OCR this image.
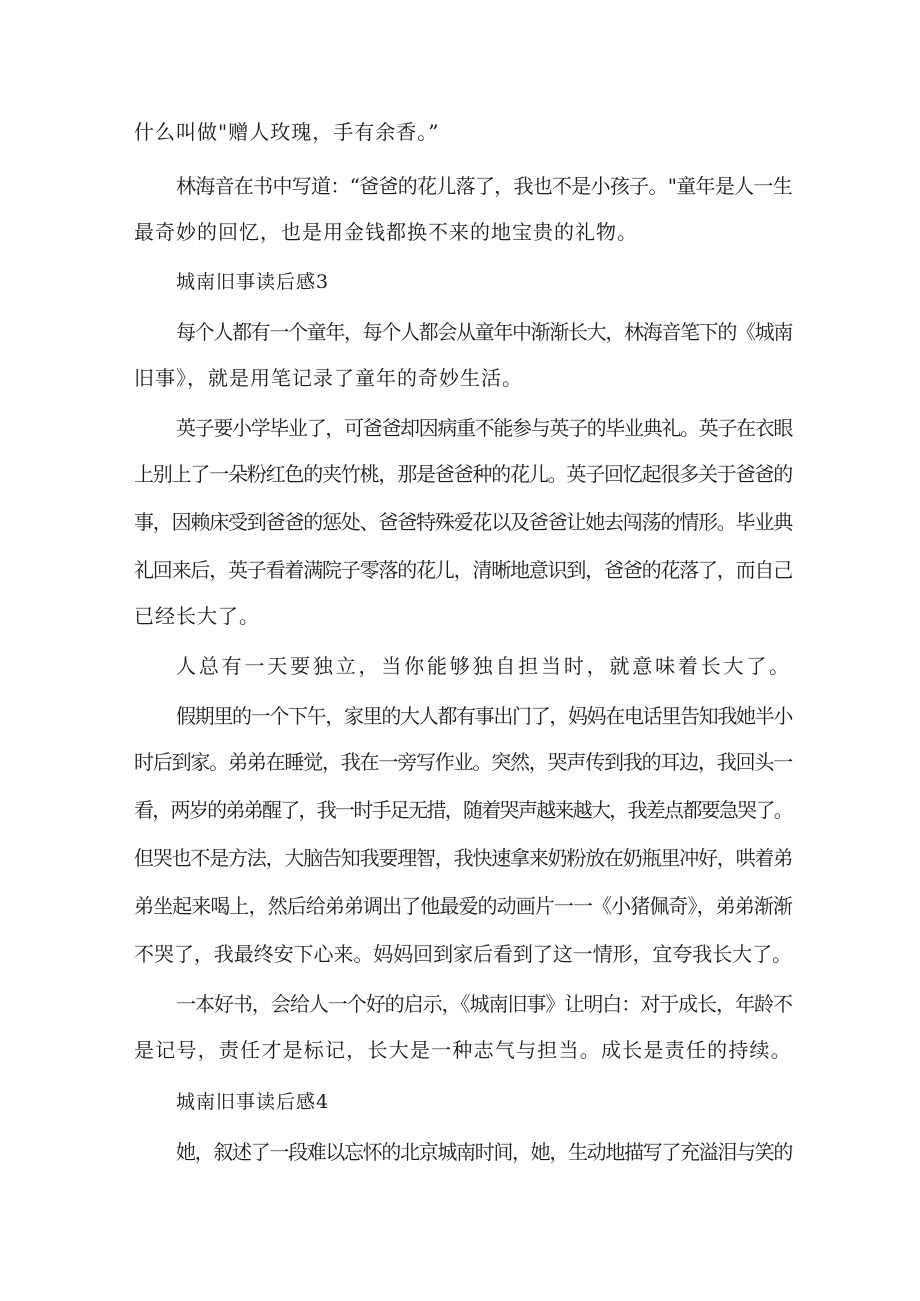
什么叫做"赠人玫瑰，手有余香。”
林海音在书中写道：“爸爸的花儿落了，我也不是小孩子。"童年是人一生
最奇妙的回忆，也是用金钱都换不来的地宝贵的礼物。
城南旧事读后感3
每个人都有一个童年，每个人都会从童年中渐渐长大，林海音笔下的《城南
旧事》，就是用笔记录了童年的奇妙生活。
英子要小学毕业了，可爸爸却因病重不能参与英子的毕业典礼。英子在衣眼
上别上了一朵粉红色的夹竹桃，那是爸爸种的花儿。英子回忆起很多关于爸爸的
事，因赖床受到爸爸的惩处、爸爸特殊爱花以及爸爸让她去闯荡的情形。毕业典
礼回来后，英子看着满院子零落的花儿，清晰地意识到，爸爸的花落了，而自己
已经长大了。
人总有一天要独立，当你能够独自担当时，就意味着长大了。
假期里的一个下午，家里的大人都有事出门了，妈妈在电话里告知我她半小
时后到家。弟弟在睡觉，我在一旁写作业。突然，哭声传到我的耳边，我回头一
看，两岁的弟弟醒了，我一时手足无措，随着哭声越来越大，我差点都要急哭了。
但哭也不是方法，大脑告知我要理智，我快速拿来奶粉放在奶瓶里冲好，哄着弟
弟坐起来喝上，然后给弟弟调出了他最爱的动画片一一《小猪佩奇》，弟弟渐渐
不哭了，我最终安下心来。妈妈回到家后看到了这一情形，宜夸我长大了。
一本好书，会给人一个好的启示，《城南旧事》让明白：对于成长，年龄不
是记号，责任才是标记，长大是一种志气与担当。成长是责任的持续。
城南旧事读后感4
她，叙述了一段难以忘怀的北京城南时间，她，生动地描写了充溢泪与笑的
